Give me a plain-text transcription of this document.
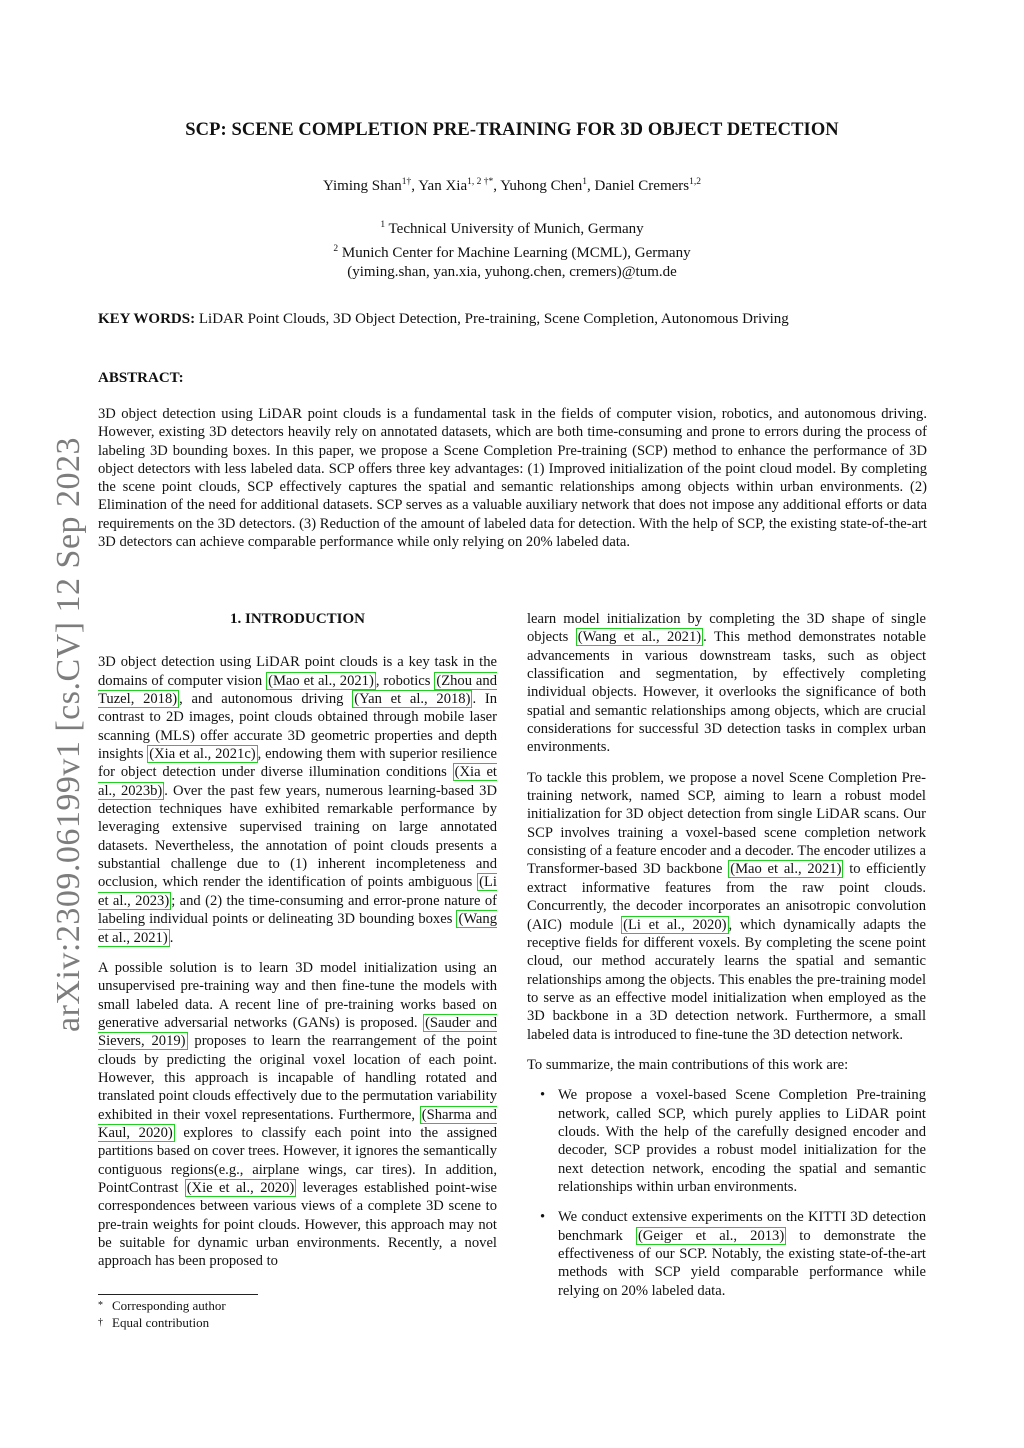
arXiv:2309.06199v1 [cs.CV] 12 Sep 2023
SCP: SCENE COMPLETION PRE-TRAINING FOR 3D OBJECT DETECTION
Yiming Shan$^{1\dagger}$, Yan Xia$^{1, 2 \dagger*}$, Yuhong Chen$^1$, Daniel Cremers$^{1,2}$
$^1$ Technical University of Munich, Germany
$^2$ Munich Center for Machine Learning (MCML), Germany
(yiming.shan, yan.xia, yuhong.chen, cremers)@tum.de
KEY WORDS: LiDAR Point Clouds, 3D Object Detection, Pre-training, Scene Completion, Autonomous Driving
ABSTRACT:
3D object detection using LiDAR point clouds is a fundamental task in the fields of computer vision, robotics, and autonomous driving. However, existing 3D detectors heavily rely on annotated datasets, which are both time-consuming and prone to errors during the process of labeling 3D bounding boxes. In this paper, we propose a Scene Completion Pre-training (SCP) method to enhance the performance of 3D object detectors with less labeled data. SCP offers three key advantages: (1) Improved initialization of the point cloud model. By completing the scene point clouds, SCP effectively captures the spatial and semantic relationships among objects within urban environments. (2) Elimination of the need for additional datasets. SCP serves as a valuable auxiliary network that does not impose any additional efforts or data requirements on the 3D detectors. (3) Reduction of the amount of labeled data for detection. With the help of SCP, the existing state-of-the-art 3D detectors can achieve comparable performance while only relying on 20% labeled data.
1. INTRODUCTION

3D object detection using LiDAR point clouds is a key task in the domains of computer vision (Mao et al., 2021) , robotics (Zhou and Tuzel, 2018) , and autonomous driving (Yan et al., 2018) . In contrast to 2D images, point clouds obtained through mobile laser scanning (MLS) offer accurate 3D geometric properties and depth insights (Xia et al., 2021c) , endowing them with superior resilience for object detection under diverse illumination conditions (Xia et al., 2023b) . Over the past few years, numerous learning-based 3D detection techniques have exhibited remarkable performance by leveraging extensive supervised training on large annotated datasets. Nevertheless, the annotation of point clouds presents a substantial challenge due to (1) inherent incompleteness and occlusion, which render the identification of points ambiguous (Li et al., 2023) ; and (2) the time-consuming and error-prone nature of labeling individual points or delineating 3D bounding boxes (Wang et al., 2021) .

A possible solution is to learn 3D model initialization using an unsupervised pre-training way and then fine-tune the models with small labeled data. A recent line of pre-training works based on generative adversarial networks (GANs) is proposed. (Sauder and Sievers, 2019) proposes to learn the rearrangement of the point clouds by predicting the original voxel location of each point. However, this approach is incapable of handling rotated and translated point clouds effectively due to the permutation variability exhibited in their voxel representations. Furthermore, (Sharma and Kaul, 2020) explores to classify each point into the assigned partitions based on cover trees. However, it ignores the semantically contiguous regions(e.g., airplane wings, car tires). In addition, PointContrast (Xie et al., 2020) leverages established point-wise correspondences between various views of a complete 3D scene to pre-train weights for point clouds. However, this approach may not be suitable for dynamic urban environments. Recently, a novel approach has been proposed to

learn model initialization by completing the 3D shape of single objects (Wang et al., 2021) . This method demonstrates notable advancements in various downstream tasks, such as object classification and segmentation, by effectively completing individual objects. However, it overlooks the significance of both spatial and semantic relationships among objects, which are crucial considerations for successful 3D detection tasks in complex urban environments.

To tackle this problem, we propose a novel Scene Completion Pre-training network, named SCP, aiming to learn a robust model initialization for 3D object detection from single LiDAR scans. Our SCP involves training a voxel-based scene completion network consisting of a feature encoder and a decoder. The encoder utilizes a Transformer-based 3D backbone (Mao et al., 2021) to efficiently extract informative features from the raw point clouds. Concurrently, the decoder incorporates an anisotropic convolution (AIC) module (Li et al., 2020) , which dynamically adapts the receptive fields for different voxels. By completing the scene point cloud, our method accurately learns the spatial and semantic relationships among the objects. This enables the pre-training model to serve as an effective model initialization when employed as the 3D backbone in a 3D detection network. Furthermore, a small labeled data is introduced to fine-tune the 3D detection network.

To summarize, the main contributions of this work are:

• We propose a voxel-based Scene Completion Pre-training network, called SCP, which purely applies to LiDAR point clouds. With the help of the carefully designed encoder and decoder, SCP provides a robust model initialization for the next detection network, encoding the spatial and semantic relationships within urban environments.
• We conduct extensive experiments on the KITTI 3D detection benchmark (Geiger et al., 2013) to demonstrate the effectiveness of our SCP. Notably, the existing state-of-the-art methods with SCP yield comparable performance while relying on 20% labeled data.
* Corresponding author
† Equal contribution
